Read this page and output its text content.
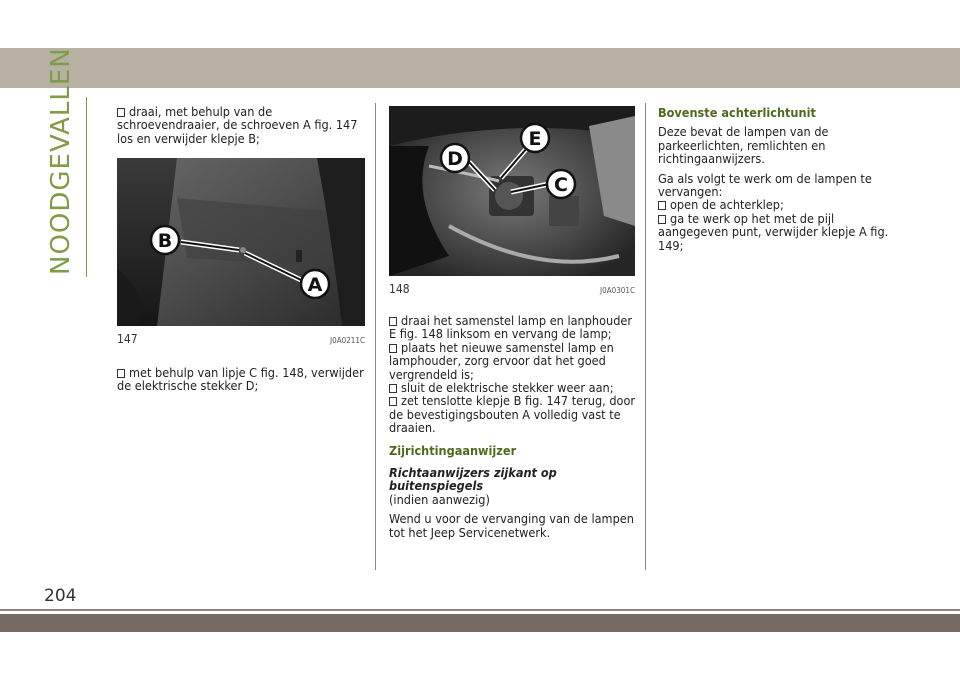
NOODGEVALLEN	draai, met behulp van de schroevendraaier, de schroeven A fig. 147 los en verwijder klepje B;

B
A
147	J0A0211C

met behulp van lipje C fig. 148, verwijder de elektrische stekker D;

E
D
C
148	J0A0301C

draai het samenstel lamp en lanphouder E fig. 148 linksom en vervang de lamp;

plaats het nieuwe samenstel lamp en lamphouder, zorg ervoor dat het goed vergrendeld is;

sluit de elektrische stekker weer aan;

zet tenslotte klepje B fig. 147 terug, door de bevestigingsbouten A volledig vast te draaien.

Zijrichtingaanwijzer

Richtaanwijzers zijkant op buitenspiegels

(indien aanwezig)

Wend u voor de vervanging van de lampen tot het Jeep Servicenetwerk.

Bovenste achterlichtunit

Deze bevat de lampen van de parkeerlichten, remlichten en richtingaanwijzers.

Ga als volgt te werk om de lampen te vervangen:

open de achterklep;

ga te werk op het met de pijl aangegeven punt, verwijder klepje A fig. 149;

204
